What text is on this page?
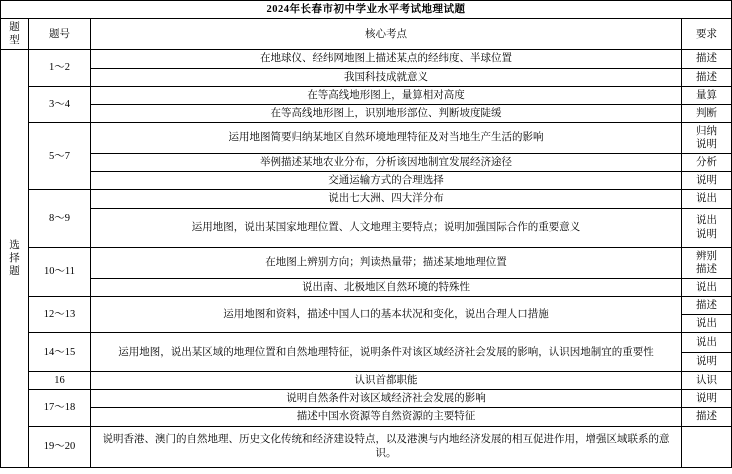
2024年长春市初中学业水平考试地理试题			

题
型	题号	核心考点	要求

选
择
题	1～2	在地球仪、经纬网地图上描述某点的经纬度、半球位置	描述

		我国科技成就意义	描述

	3～4	在等高线地形图上，量算相对高度	量算

		在等高线地形图上，识别地形部位、判断坡度陡缓	判断

	5～7	运用地图简要归纳某地区自然环境地理特征及对当地生产生活的影响	归纳
说明

		举例描述某地农业分布，分析该因地制宜发展经济途径	分析

		交通运输方式的合理选择	说明

	8～9	说出七大洲、四大洋分布	说出

		运用地图，说出某国家地理位置、人文地理主要特点；说明加强国际合作的重要意义	说出
说明

	10～11	在地图上辨别方向；判读热量带；描述某地地理位置	辨别
描述

		说出南、北极地区自然环境的特殊性	说出

	12～13	运用地图和资料，描述中国人口的基本状况和变化，说出合理人口措施	描述

			说出

	14～15	运用地图，说出某区域的地理位置和自然地理特征，说明条件对该区域经济社会发展的影响，认识因地制宜的重要性	说出

			说明

	16	认识首都职能	认识

	17～18	说明自然条件对该区域经济社会发展的影响	说明

		描述中国水资源等自然资源的主要特征	描述

	19～20	说明香港、澳门的自然地理、历史文化传统和经济建设特点，以及港澳与内地经济发展的相互促进作用，增强区域联系的意识。	
